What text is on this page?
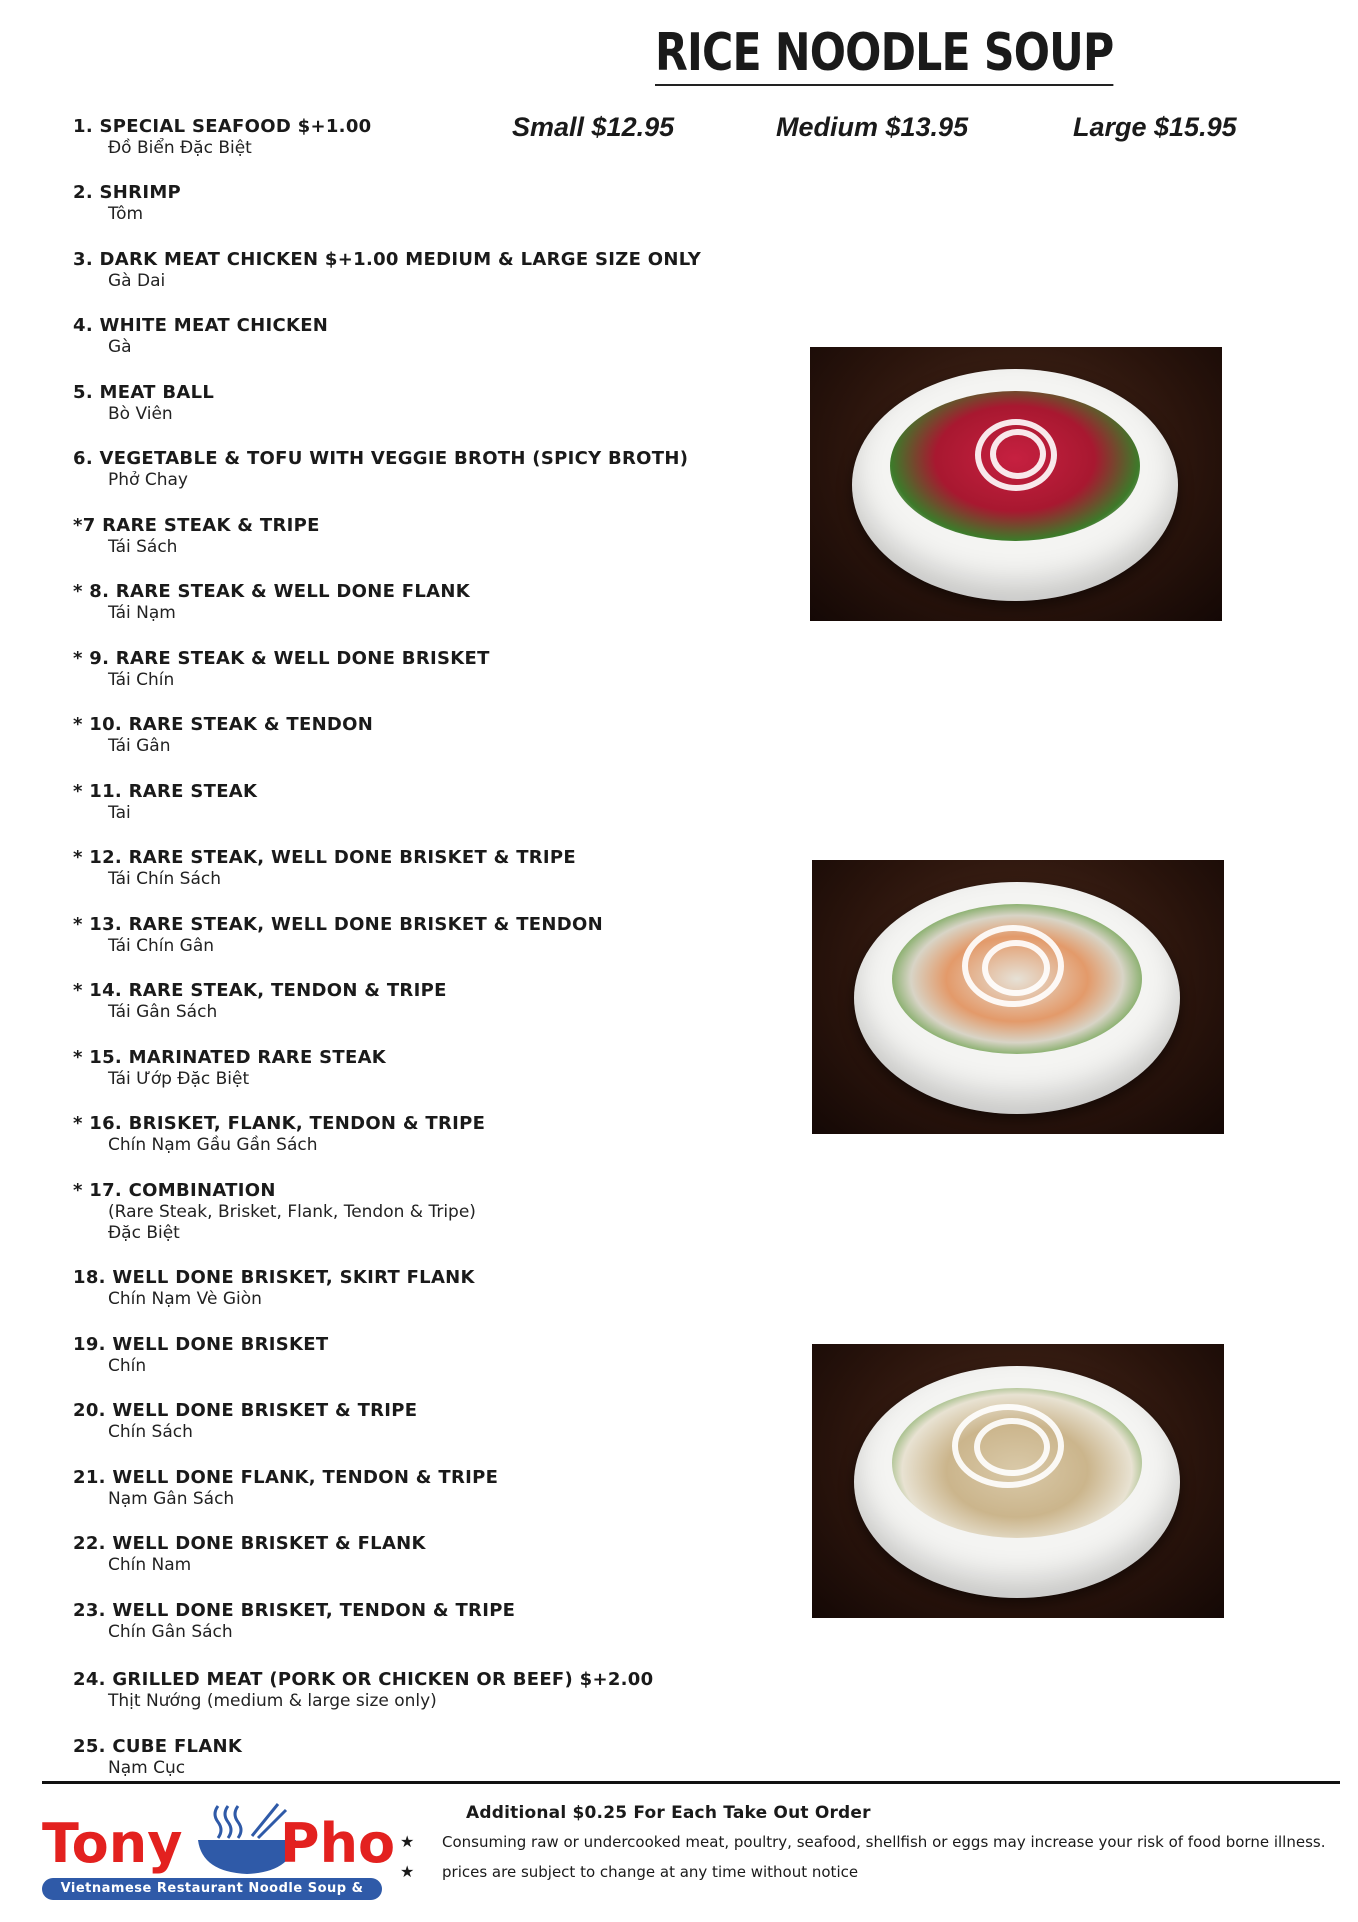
RICE NOODLE SOUP
Small $12.95	Medium $13.95	Large $15.95
1. SPECIAL SEAFOOD $+1.00
Đồ Biển Đặc Biệt
2. SHRIMP
Tôm
3. DARK MEAT CHICKEN $+1.00 MEDIUM & LARGE SIZE ONLY
Gà Dai
4. WHITE MEAT CHICKEN
Gà
5. MEAT BALL
Bò Viên
6. VEGETABLE & TOFU WITH VEGGIE BROTH (SPICY BROTH)
Phở Chay
*7 RARE STEAK & TRIPE
Tái Sách
* 8. RARE STEAK & WELL DONE FLANK
Tái Nạm
* 9. RARE STEAK & WELL DONE BRISKET
Tái Chín
* 10. RARE STEAK & TENDON
Tái Gân
* 11. RARE STEAK
Tai
* 12. RARE STEAK, WELL DONE BRISKET & TRIPE
Tái Chín Sách
* 13. RARE STEAK, WELL DONE BRISKET & TENDON
Tái Chín Gân
* 14. RARE STEAK, TENDON & TRIPE
Tái Gân Sách
* 15. MARINATED RARE STEAK
Tái Ướp Đặc Biệt
* 16. BRISKET, FLANK, TENDON & TRIPE
Chín Nạm Gầu Gần Sách
* 17. COMBINATION
(Rare Steak, Brisket, Flank, Tendon & Tripe)
Đặc Biệt
18. WELL DONE BRISKET, SKIRT FLANK
Chín Nạm Vè Giòn
19. WELL DONE BRISKET
Chín
20. WELL DONE BRISKET & TRIPE
Chín Sách
21. WELL DONE FLANK, TENDON & TRIPE
Nạm Gân Sách
22. WELL DONE BRISKET & FLANK
Chín Nam
23. WELL DONE BRISKET, TENDON & TRIPE
Chín Gân Sách
24. GRILLED MEAT (PORK OR CHICKEN OR BEEF) $+2.00
Thịt Nướng (medium & large size only)
25. CUBE FLANK
Nạm Cục
Tony Pho
Vietnamese Restaurant Noodle Soup & Grill
Additional $0.25 For Each Take Out Order
★ Consuming raw or undercooked meat, poultry, seafood, shellfish or eggs may increase your risk of food borne illness.
★ prices are subject to change at any time without notice
